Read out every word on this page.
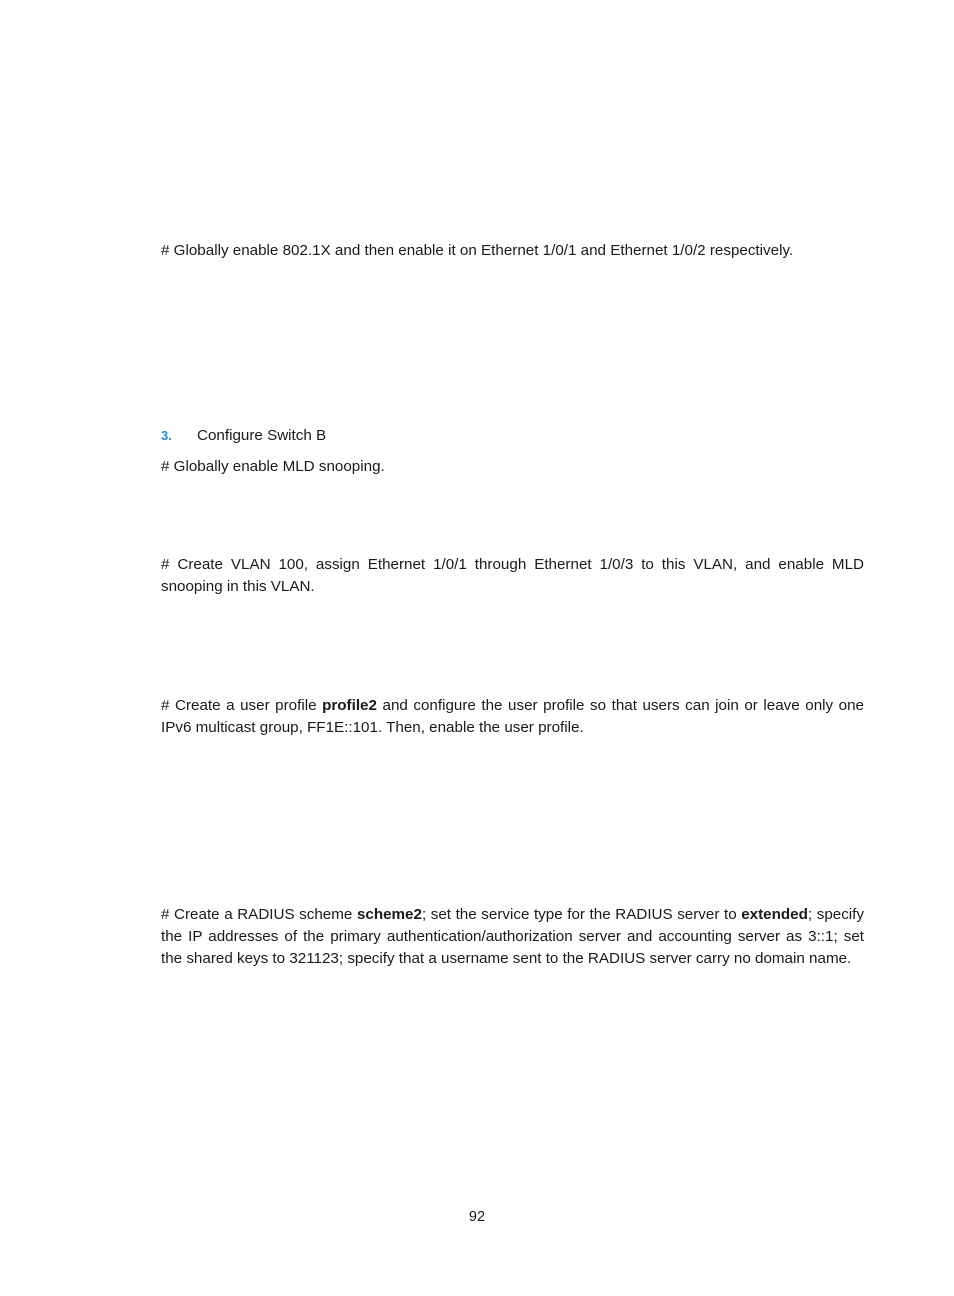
# Globally enable 802.1X and then enable it on Ethernet 1/0/1 and Ethernet 1/0/2 respectively.

3. Configure Switch B

# Globally enable MLD snooping.

# Create VLAN 100, assign Ethernet 1/0/1 through Ethernet 1/0/3 to this VLAN, and enable MLD snooping in this VLAN.

# Create a user profile profile2 and configure the user profile so that users can join or leave only one IPv6 multicast group, FF1E::101. Then, enable the user profile.

# Create a RADIUS scheme scheme2; set the service type for the RADIUS server to extended; specify the IP addresses of the primary authentication/authorization server and accounting server as 3::1; set the shared keys to 321123; specify that a username sent to the RADIUS server carry no domain name.

92
